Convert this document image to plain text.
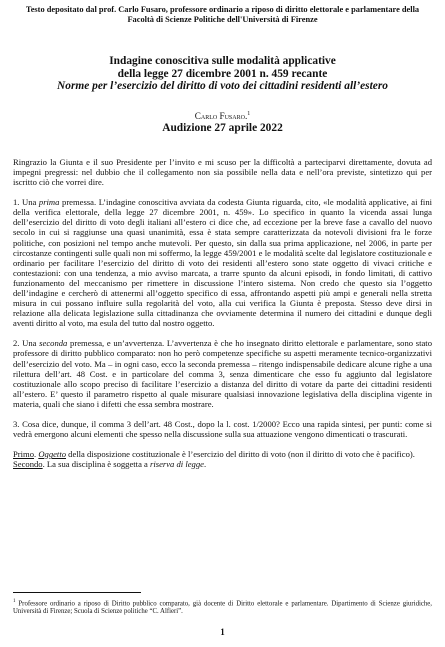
Testo depositato dal prof. Carlo Fusaro, professore ordinario a riposo di diritto elettorale e parlamentare della Facoltà di Scienze Politiche dell'Università di Firenze
Indagine conoscitiva sulle modalità applicative
della legge 27 dicembre 2001 n. 459 recante
Norme per l’esercizio del diritto di voto dei cittadini residenti all’estero
Carlo Fusaro.$^1$
Audizione 27 aprile 2022

Ringrazio la Giunta e il suo Presidente per l’invito e mi scuso per la difficoltà a parteciparvi direttamente, dovuta ad impegni pregressi: nel dubbio che il collegamento non sia possibile nella data e nell’ora previste, sintetizzo qui per iscritto ciò che vorrei dire.

1. Una prima premessa. L’indagine conoscitiva avviata da codesta Giunta riguarda, cito, «le modalità applicative, ai fini della verifica elettorale, della legge 27 dicembre 2001, n. 459». Lo specifico in quanto la vicenda assai lunga dell’esercizio del diritto di voto degli italiani all’estero ci dice che, ad eccezione per la breve fase a cavallo del nuovo secolo in cui si raggiunse una quasi unanimità, essa è stata sempre caratterizzata da notevoli divisioni fra le forze politiche, con posizioni nel tempo anche mutevoli. Per questo, sin dalla sua prima applicazione, nel 2006, in parte per circostanze contingenti sulle quali non mi soffermo, la legge 459/2001 e le modalità scelte dal legislatore costituzionale e ordinario per facilitare l’esercizio del diritto di voto dei residenti all’estero sono state oggetto di vivaci critiche e contestazioni: con una tendenza, a mio avviso marcata, a trarre spunto da alcuni episodi, in fondo limitati, di cattivo funzionamento del meccanismo per rimettere in discussione l’intero sistema. Non credo che questo sia l’oggetto dell’indagine e cercherò di attenermi all’oggetto specifico di essa, affrontando aspetti più ampi e generali nella stretta misura in cui possano influire sulla regolarità del voto, alla cui verifica la Giunta è preposta. Stesso deve dirsi in relazione alla delicata legislazione sulla cittadinanza che ovviamente determina il numero dei cittadini e dunque degli aventi diritto al voto, ma esula del tutto dal nostro oggetto.

2. Una seconda premessa, e un’avvertenza. L’avvertenza è che ho insegnato diritto elettorale e parlamentare, sono stato professore di diritto pubblico comparato: non ho però competenze specifiche su aspetti meramente tecnico-organizzativi dell’esercizio del voto. Ma – in ogni caso, ecco la seconda premessa – ritengo indispensabile dedicare alcune righe a una rilettura dell’art. 48 Cost. e in particolare del comma 3, senza dimenticare che esso fu aggiunto dal legislatore costituzionale allo scopo preciso di facilitare l’esercizio a distanza del diritto di votare da parte dei cittadini residenti all’estero. E’ questo il parametro rispetto al quale misurare qualsiasi innovazione legislativa della disciplina vigente in materia, quali che siano i difetti che essa sembra mostrare.

3. Cosa dice, dunque, il comma 3 dell’art. 48 Cost., dopo la l. cost. 1/2000? Ecco una rapida sintesi, per punti: come si vedrà emergono alcuni elementi che spesso nella discussione sulla sua attuazione vengono dimenticati o trascurati.

Primo. Oggetto della disposizione costituzionale è l’esercizio del diritto di voto (non il diritto di voto che è pacifico).

Secondo. La sua disciplina è soggetta a riserva di legge.

$^1$ Professore ordinario a riposo di Diritto pubblico comparato, già docente di Diritto elettorale e parlamentare. Dipartimento di Scienze giuridiche, Università di Firenze; Scuola di Scienze politiche “C. Alfieri”.
1
